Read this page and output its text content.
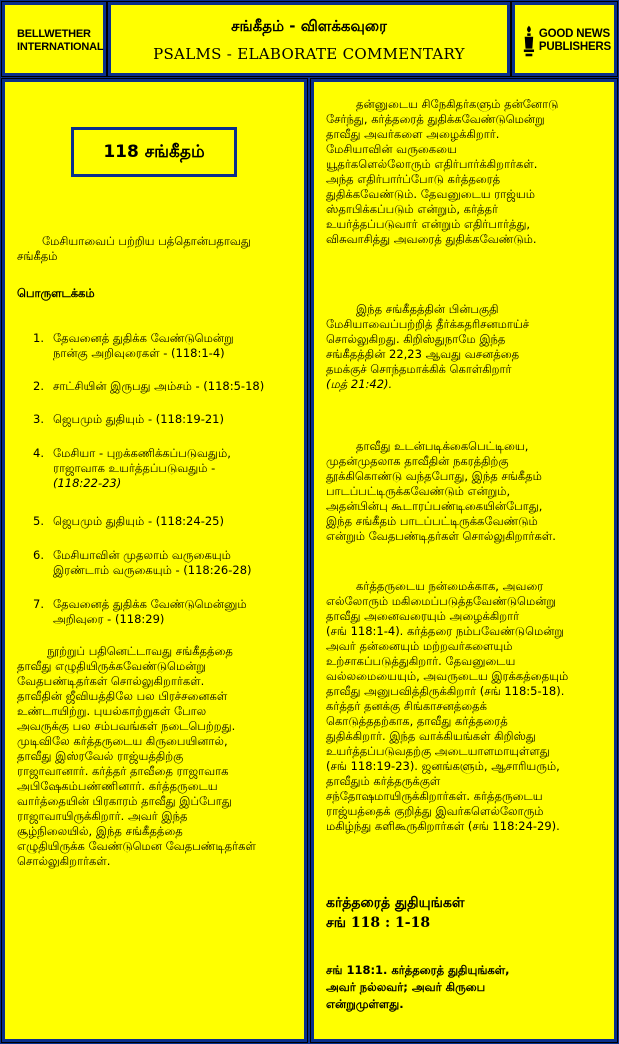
BELLWETHER
INTERNATIONAL
சங்கீதம் - விளக்கவுரை
PSALMS - ELABORATE COMMENTARY
GOOD NEWS
PUBLISHERS
118 சங்கீதம்
மேசியாவைப் பற்றிய பத்தொன்பதாவது
சங்கீதம்
பொருளடக்கம்
1. தேவனைத் துதிக்க வேண்டுமென்று
நான்கு அறிவுரைகள் - (118:1-4)
2. சாட்சியின் இருபது அம்சம் - (118:5-18)
3. ஜெபமும் துதியும் - (118:19-21)
4. மேசியா - புறக்கணிக்கப்படுவதும்,
ராஜாவாக உயர்த்தப்படுவதும் -
(118:22-23)
5. ஜெபமும் துதியும் - (118:24-25)
6. மேசியாவின் முதலாம் வருகையும்
இரண்டாம் வருகையும் - (118:26-28)
7. தேவனைத் துதிக்க வேண்டுமென்னும்
அறிவுரை - (118:29)
நூற்றுப் பதினெட்டாவது சங்கீதத்தை
தாவீது எழுதியிருக்கவேண்டுமென்று
வேதபண்டிதர்கள் சொல்லுகிறார்கள்.
தாவீதின் ஜீவியத்திலே பல பிரச்சனைகள்
உண்டாயிற்று. புயல்காற்றுகள் போல
அவருக்கு பல சம்பவங்கள் நடைபெற்றது.
முடிவிலே கர்த்தருடைய கிருபையினால்,
தாவீது இஸ்ரவேல் ராஜ்யத்திற்கு
ராஜாவானார். கர்த்தர் தாவீதை ராஜாவாக
அபிஷேகம்பண்ணினார். கர்த்தருடைய
வார்த்தையின் பிரகாரம் தாவீது இப்போது
ராஜாவாயிருக்கிறார். அவர் இந்த
சூழ்நிலையில், இந்த சங்கீதத்தை
எழுதியிருக்க வேண்டுமென வேதபண்டிதர்கள்
சொல்லுகிறார்கள்.
தன்னுடைய சிநேகிதர்களும் தன்னோடு
சேர்ந்து, கர்த்தரைத் துதிக்கவேண்டுமென்று
தாவீது அவர்களை அழைக்கிறார்.
மேசியாவின் வருகையை
யூதர்களெல்லோரும் எதிர்பார்க்கிறார்கள்.
அந்த எதிர்பார்ப்போடு கர்த்தரைத்
துதிக்கவேண்டும். தேவனுடைய ராஜ்யம்
ஸ்தாபிக்கப்படும் என்றும், கர்த்தர்
உயர்த்தப்படுவார் என்றும் எதிர்பார்த்து,
விசுவாசித்து அவரைத் துதிக்கவேண்டும்.
இந்த சங்கீதத்தின் பின்பகுதி
மேசியாவைப்பற்றித் தீர்க்கதரிசனமாய்ச்
சொல்லுகிறது. கிறிஸ்துநாமே இந்த
சங்கீதத்தின் 22,23 ஆவது வசனத்தை
தமக்குச் சொந்தமாக்கிக் கொள்கிறார்
(மத் 21:42).
தாவீது உடன்படிக்கைபெட்டியை,
முதன்முதலாக தாவீதின் நகரத்திற்கு
தூக்கிகொண்டு வந்தபோது, இந்த சங்கீதம்
பாடப்பட்டிருக்கவேண்டும் என்றும்,
அதன்பின்பு கூடாரப்பண்டிகையின்போது,
இந்த சங்கீதம் பாடப்பட்டிருக்கவேண்டும்
என்றும் வேதபண்டிதர்கள் சொல்லுகிறார்கள்.
கர்த்தருடைய நன்மைக்காக, அவரை
எல்லோரும் மகிமைப்படுத்தவேண்டுமென்று
தாவீது அனைவரையும் அழைக்கிறார்
(சங் 118:1-4). கர்த்தரை நம்பவேண்டுமென்று
அவர் தன்னையும் மற்றவர்களையும்
உற்சாகப்படுத்துகிறார். தேவனுடைய
வல்லமையையும், அவருடைய இரக்கத்தையும்
தாவீது அனுபவித்திருக்கிறார் (சங் 118:5-18).
கர்த்தர் தனக்கு சிங்காசனத்தைக்
கொடுத்ததற்காக, தாவீது கர்த்தரைத்
துதிக்கிறார். இந்த வாக்கியங்கள் கிறிஸ்து
உயர்த்தப்படுவதற்கு அடையாளமாயுள்ளது
(சங் 118:19-23). ஜனங்களும், ஆசாரியரும்,
தாவீதும் கர்த்தருக்குள்
சந்தோஷமாயிருக்கிறார்கள். கர்த்தருடைய
ராஜ்யத்தைக் குறித்து இவர்களெல்லோரும்
மகிழ்ந்து களிகூருகிறார்கள் (சங் 118:24-29).
கர்த்தரைத் துதியுங்கள்
சங் 118 : 1-18
சங் 118:1. கர்த்தரைத் துதியுங்கள்,
அவர் நல்லவர்; அவர் கிருபை
என்றுமுள்ளது.
